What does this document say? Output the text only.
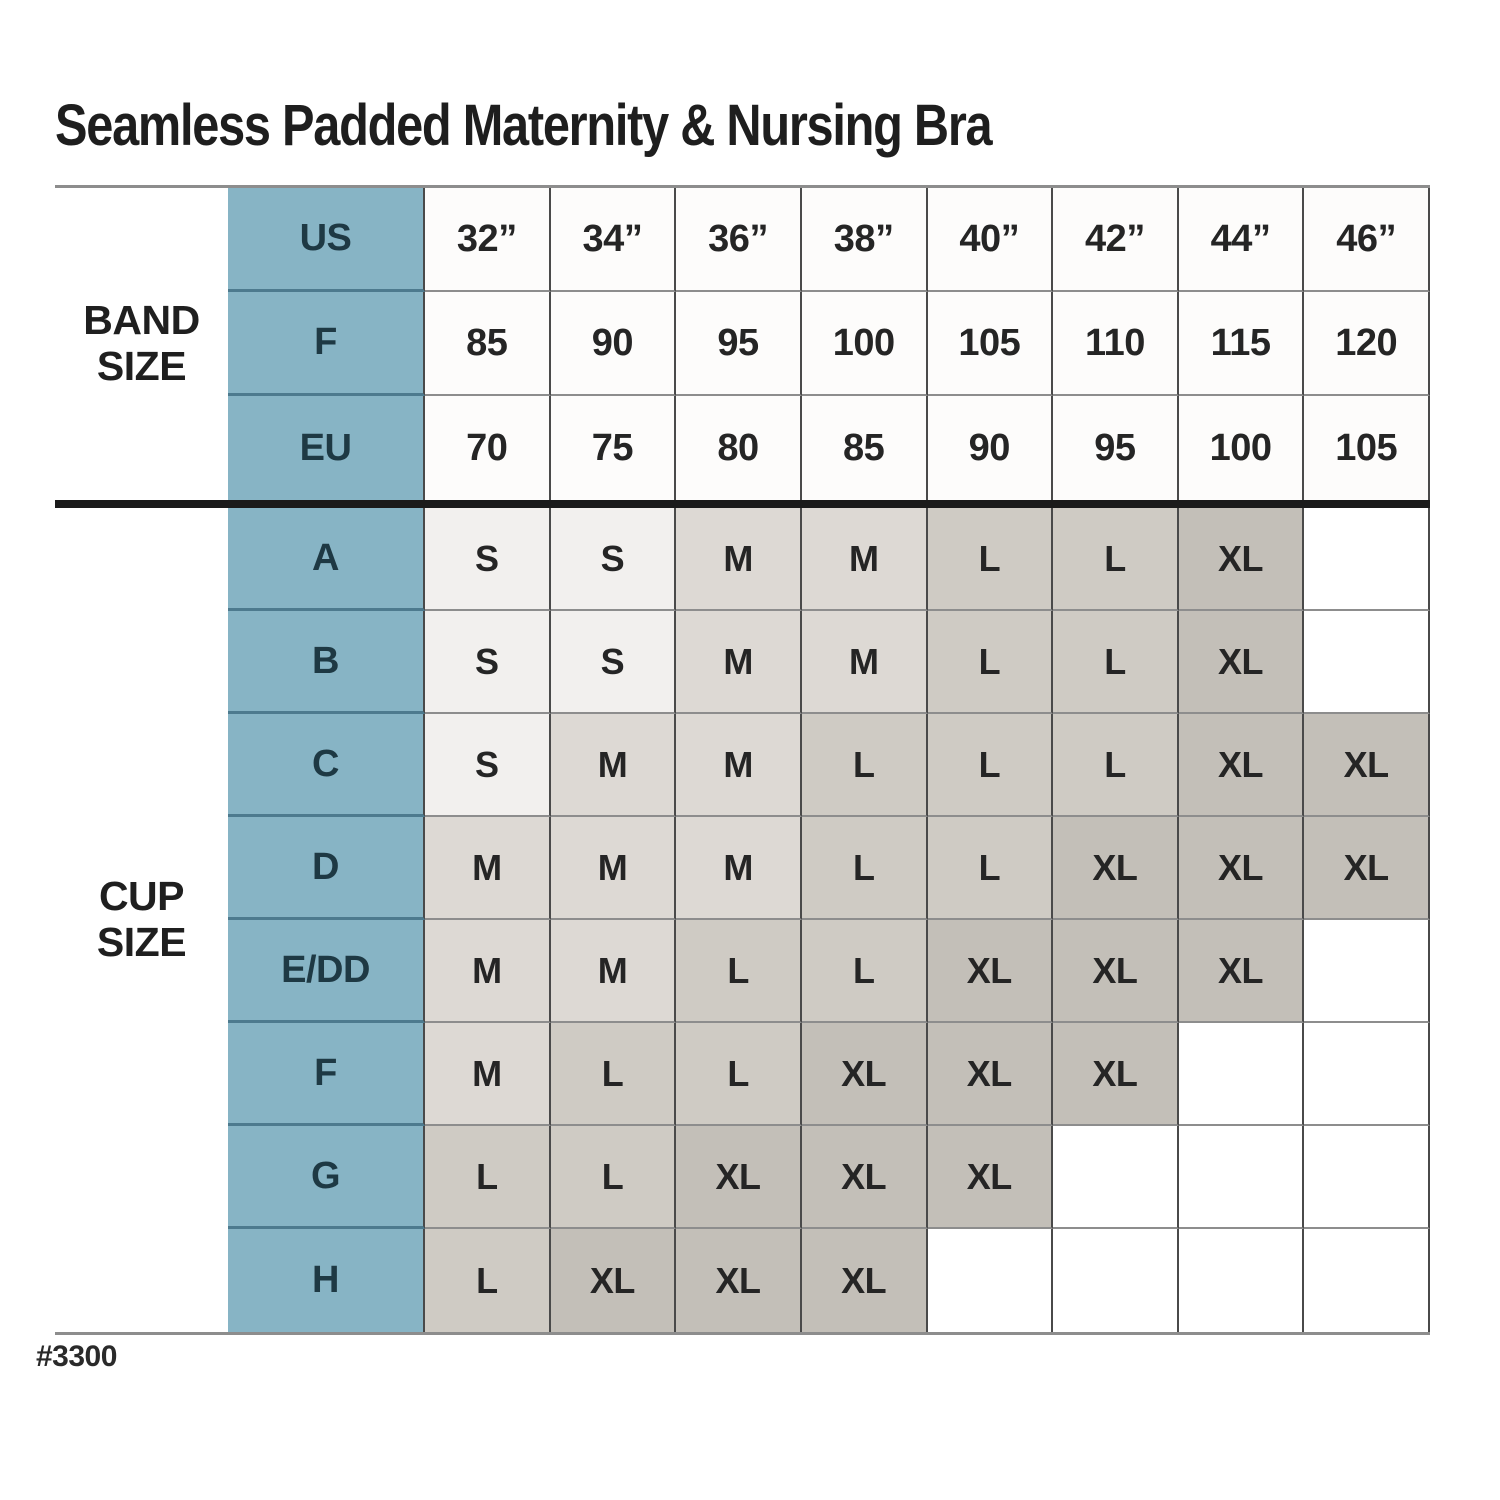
Seamless Padded Maternity & Nursing Bra
BAND
SIZE
US	32”	34”	36”	38”	40”	42”	44”	46”
F	85	90	95	100	105	110	115	120
EU	70	75	80	85	90	95	100	105
CUP
SIZE
A	S	S	M	M	L	L	XL
B	S	S	M	M	L	L	XL
C	S	M	M	L	L	L	XL	XL
D	M	M	M	L	L	XL	XL	XL
E/DD	M	M	L	L	XL	XL	XL
F	M	L	L	XL	XL	XL
G	L	L	XL	XL	XL
H	L	XL	XL	XL
#3300
